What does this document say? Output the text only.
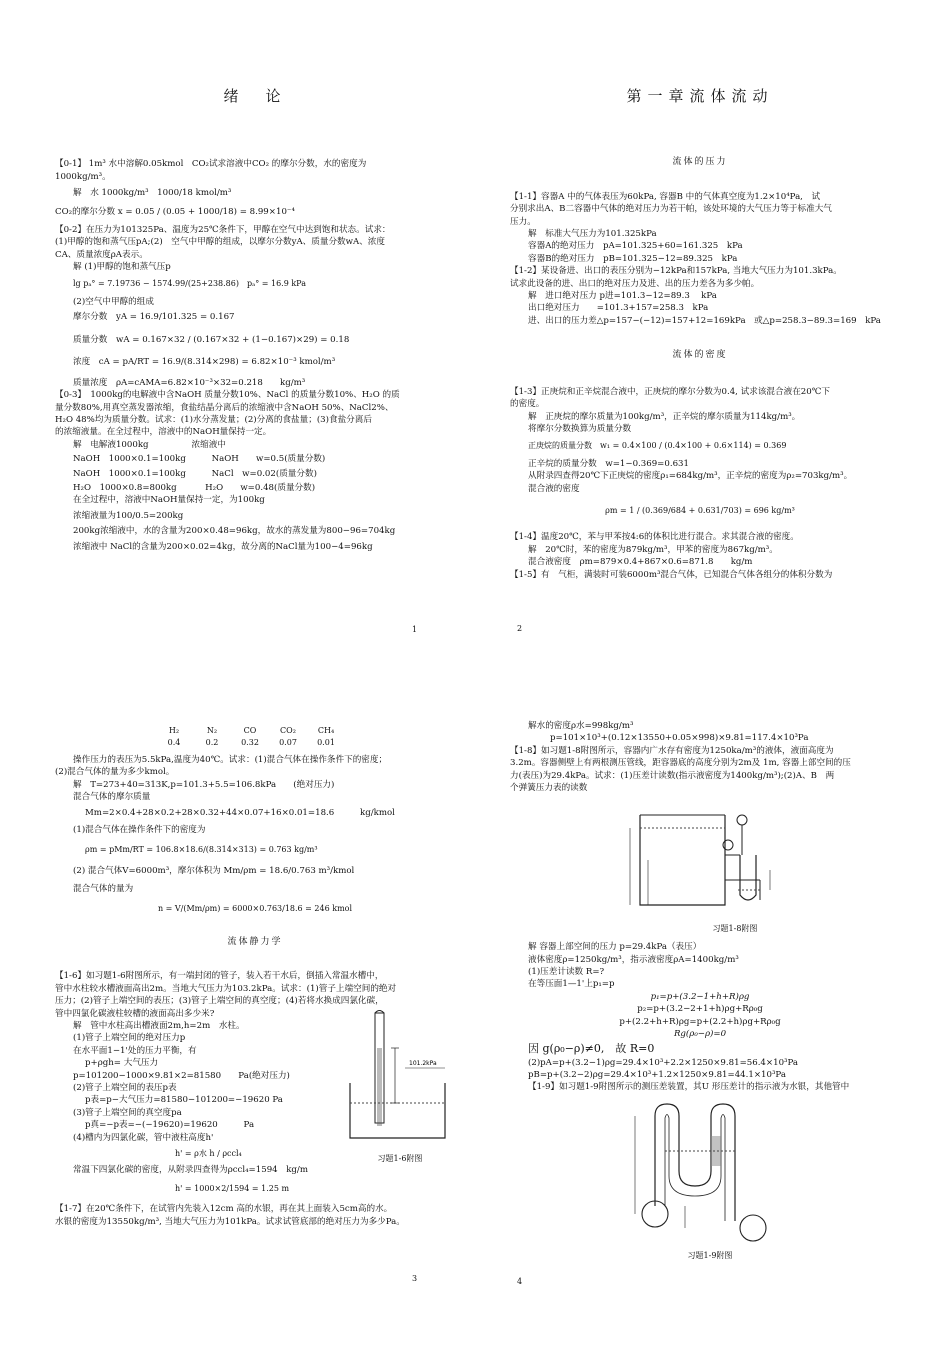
绪　论
【0-1】 1m³ 水中溶解0.05kmol　CO₂试求溶液中CO₂ 的摩尔分数，水的密度为
1000kg/m³。
解　水 1000kg/m³　1000/18 kmol/m³
CO₂的摩尔分数 x = 0.05 / (0.05 + 1000/18) = 8.99×10⁻⁴
【0-2】在压力为101325Pa、温度为25℃条件下，甲醇在空气中达到饱和状态。试求：
(1)甲醇的饱和蒸气压pA;(2)　空气中甲醇的组成，以摩尔分数yA、质量分数wA、浓度
CA、质量浓度ρA表示。
解 (1)甲醇的饱和蒸气压p
lg pₐ° = 7.19736 − 1574.99/(25+238.86)　pₐ° = 16.9 kPa
(2)空气中甲醇的组成
摩尔分数　yA = 16.9/101.325 = 0.167
质量分数　wA = 0.167×32 / (0.167×32 + (1−0.167)×29) = 0.18
浓度　cA = pA/RT = 16.9/(8.314×298) = 6.82×10⁻³ kmol/m³
质量浓度　ρA=cAMA=6.82×10⁻³×32=0.218　　kg/m³
【0-3】　1000kg的电解液中含NaOH 质量分数10%、NaCl 的质量分数10%、H₂O 的质
量分数80%,用真空蒸发器浓缩，食盐结晶分离后的浓缩液中含NaOH 50%、NaCl2%、
H₂O 48%均为质量分数。试求：(1)水分蒸发量；(2)分离的食盐量；(3)食盐分离后
的浓缩液量。在全过程中，溶液中的NaOH量保持一定。
解　电解液1000kg　　　　　浓缩液中
NaOH　1000×0.1=100kg　　　NaOH　　w=0.5(质量分数)
NaOH　1000×0.1=100kg　　　NaCl　w=0.02(质量分数)
H₂O　1000×0.8=800kg　　　 H₂O　　w=0.48(质量分数)
在全过程中，溶液中NaOH量保持一定，为100kg
浓缩液量为100/0.5=200kg
200kg浓缩液中，水的含量为200×0.48=96kg，故水的蒸发量为800−96=704kg
浓缩液中 NaCl的含量为200×0.02=4kg，故分离的NaCl量为100−4=96kg
1
第一章流体流动
流体的压力
【1-1】容器A 中的气体表压为60kPa, 容器B 中的气体真空度为1.2×10⁴Pa,　试
分别求出A、B二容器中气体的绝对压力为若干帕，该处环境的大气压力等于标准大气
压力。
解　标准大气压力为101.325kPa
容器A的绝对压力　pA=101.325+60=161.325　kPa
容器B的绝对压力　pB=101.325−12=89.325　kPa
【1-2】某设备进、出口的表压分别为−12kPa和157kPa, 当地大气压力为101.3kPa。
试求此设备的进、出口的绝对压力及进、出的压力差各为多少帕。
解　进口绝对压力 p进=101.3−12=89.3　 kPa
出口绝对压力　　=101.3+157=258.3　kPa
进、出口的压力差△p=157−(−12)=157+12=169kPa　或△p=258.3−89.3=169　kPa
流体的密度
【1-3】正庚烷和正辛烷混合液中，正庚烷的摩尔分数为0.4, 试求该混合液在20℃下
的密度。
解　正庚烷的摩尔质量为100kg/m³，正辛烷的摩尔质量为114kg/m³。
将摩尔分数换算为质量分数
正庚烷的质量分数　w₁ = 0.4×100 / (0.4×100 + 0.6×114) = 0.369
正辛烷的质量分数　w=1−0.369=0.631
从附录四查得20℃下正庚烷的密度ρ₁=684kg/m³，正辛烷的密度为ρ₂=703kg/m³。
混合液的密度
ρm = 1 / (0.369/684 + 0.631/703) = 696 kg/m³
【1-4】温度20℃，苯与甲苯按4:6的体积比进行混合。求其混合液的密度。
解　20℃时，苯的密度为879kg/m³，甲苯的密度为867kg/m³。
混合液密度　ρm=879×0.4+867×0.6=871.8　　kg/m
【1-5】有　气柜，满装时可装6000m³混合气体，已知混合气体各组分的体积分数为
2
H₂
0.4
N₂
0.2
CO
0.32
CO₂
0.07
CH₄
0.01
操作压力的表压为5.5kPa,温度为40℃。试求：(1)混合气体在操作条件下的密度；
(2)混合气体的量为多少kmol。
解　T=273+40=313K,p=101.3+5.5=106.8kPa　　(绝对压力)
混合气体的摩尔质量
Mm=2×0.4+28×0.2+28×0.32+44×0.07+16×0.01=18.6　　　kg/kmol
(1)混合气体在操作条件下的密度为
ρm = pMm/RT = 106.8×18.6/(8.314×313) = 0.763 kg/m³
(2) 混合气体V=6000m³，摩尔体积为 Mm/ρm = 18.6/0.763 m³/kmol
混合气体的量为
n = V/(Mm/ρm) = 6000×0.763/18.6 = 246 kmol
流体静力学
【1-6】如习题1-6附图所示，有一端封闭的管子，装入若干水后，倒插入常温水槽中，
管中水柱较水槽液面高出2m。当地大气压力为103.2kPa。试求：(1)管子上端空间的绝对
压力；(2)管子上端空间的表压；(3)管子上端空间的真空度；(4)若将水换成四氯化碳，
管中四氯化碳液柱较槽的液面高出多少米?
解　管中水柱高出槽液面2m,h=2m　水柱。
(1)管子上端空间的绝对压力p
在水平面1−1'处的压力平衡，有
p+ρgh= 大气压力
p=101200−1000×9.81×2=81580　　Pa(绝对压力)
(2)管子上端空间的表压p表
p表=p−大气压力=81580−101200=−19620 Pa
(3)管子上端空间的真空度pa
p真=−p表=−(−19620)=19620　　　Pa
(4)槽内为四氯化碳，管中液柱高度h'
h' = ρ水 h / ρccl₄
常温下四氯化碳的密度，从附录四查得为ρccl₄=1594　kg/m
h' = 1000×2/1594 = 1.25 m
【1-7】在20℃条件下，在试管内先装入12cm 高的水银，再在其上面装入5cm高的水。
水银的密度为13550kg/m³, 当地大气压力为101kPa。试求试管底部的绝对压力为多少Pa。
101.2kPa
习题1-6附图
3
解水的密度ρ水=998kg/m³
p=101×10³+(0.12×13550+0.05×998)×9.81=117.4×10³Pa
【1-8】如习题1-8附图所示，容器内广水存有密度为1250ka/m³的液体，液面高度为
3.2m。容器侧壁上有两根测压管线，距容器底的高度分别为2m及 1m, 容器上部空间的压
力(表压)为29.4kPa。试求：(1)压差计读数(指示液密度为1400kg/m³);(2)A、B　两
个弹簧压力表的读数
习题1-8附图
解 容器上部空间的压力 p=29.4kPa（表压）
液体密度ρ=1250kg/m³，指示液密度ρA=1400kg/m³
(1)压差计读数 R=?
在等压面1—1'上p₁=p
p₁=p+(3.2−1+h+R)ρg
p₂=p+(3.2−2+1+h)ρg+Rρ₀g
p+(2.2+h+R)ρg=p+(2.2+h)ρg+Rρ₀g
Rg(ρ₀−ρ)=0
因 g(ρ₀−ρ)≠0,　故 R=0
(2)pA=p+(3.2−1)ρg=29.4×10³+2.2×1250×9.81=56.4×10³Pa
pB=p+(3.2−2)ρg=29.4×10³+1.2×1250×9.81=44.1×10³Pa
【1-9】如习题1-9附图所示的测压差装置，其U 形压差计的指示液为水银，其他管中
习题1-9附图
4
